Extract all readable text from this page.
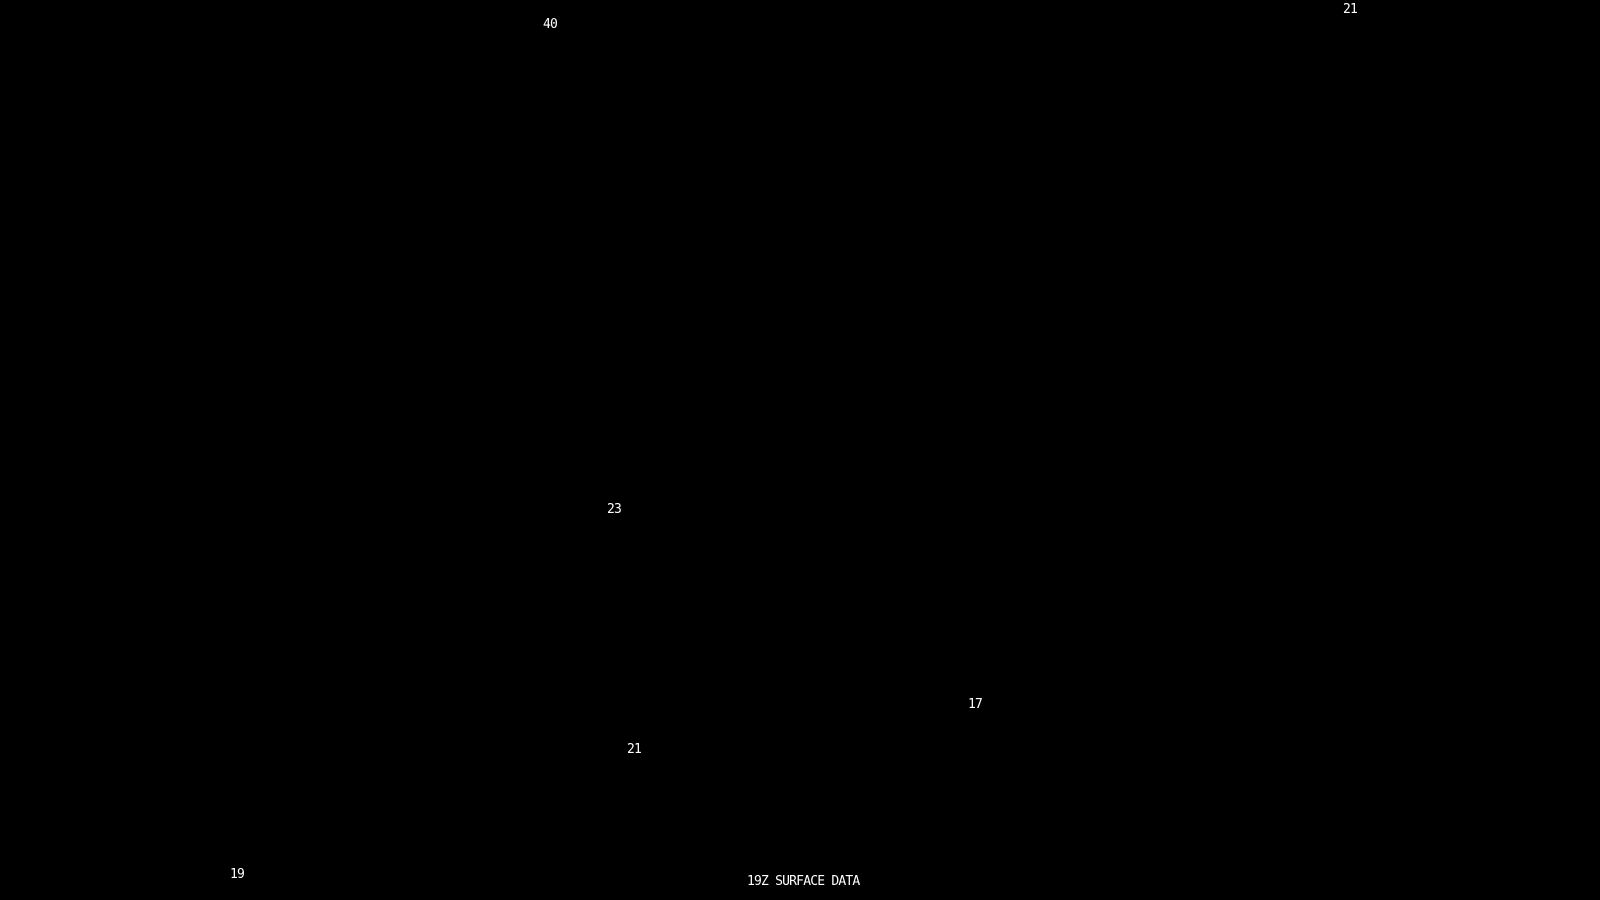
40
21
23
17
21
19	19Z SURFACE DATA
